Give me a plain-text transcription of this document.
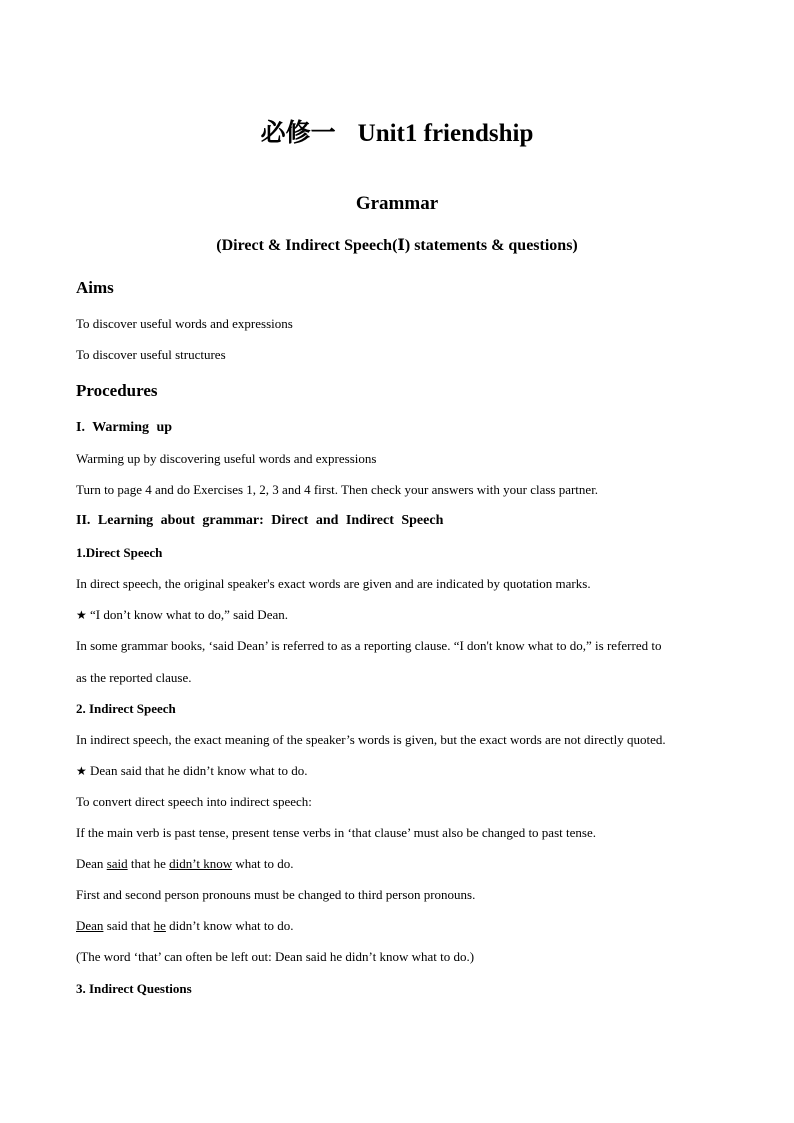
必修一 Unit1 friendship
Grammar
(Direct & Indirect Speech(Ⅰ) statements & questions)
Aims
To discover useful words and expressions
To discover useful structures
Procedures
I. Warming up
Warming up by discovering useful words and expressions
Turn to page 4 and do Exercises 1, 2, 3 and 4 first. Then check your answers with your class partner.
II. Learning about grammar: Direct and Indirect Speech
1.Direct Speech
In direct speech, the original speaker's exact words are given and are indicated by quotation marks.
★ “I don’t know what to do,” said Dean.
In some grammar books, ‘said Dean’ is referred to as a reporting clause. “I don't know what to do,” is referred to
as the reported clause.
2. Indirect Speech
In indirect speech, the exact meaning of the speaker’s words is given, but the exact words are not directly quoted.
★ Dean said that he didn’t know what to do.
To convert direct speech into indirect speech:
If the main verb is past tense, present tense verbs in ‘that clause’ must also be changed to past tense.
Dean said that he didn’t know what to do.
First and second person pronouns must be changed to third person pronouns.
Dean said that he didn’t know what to do.
(The word ‘that’ can often be left out: Dean said he didn’t know what to do.)
3. Indirect Questions
